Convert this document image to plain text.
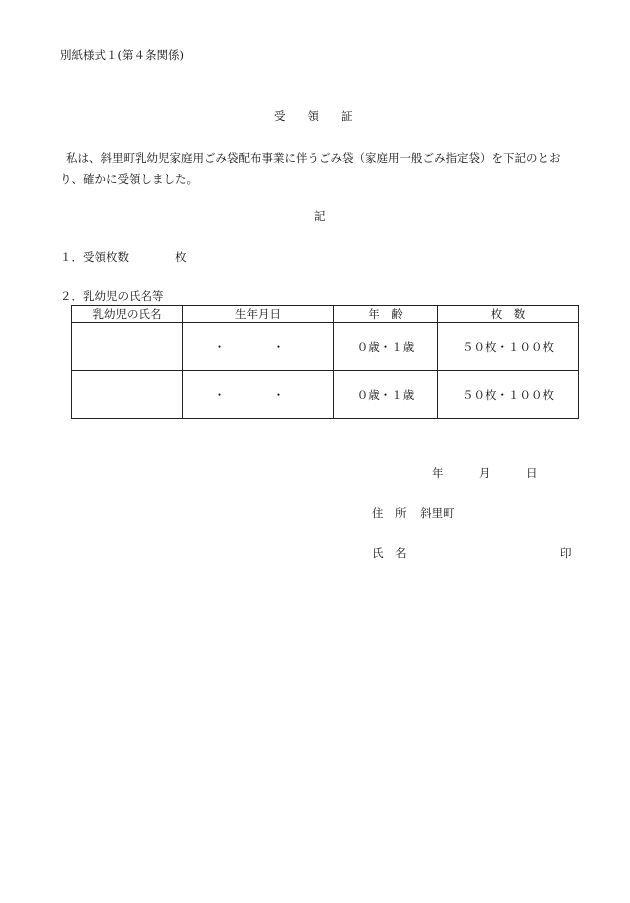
別紙様式１(第４条関係)
受領証
私は、斜里町乳幼児家庭用ごみ袋配布事業に伴うごみ袋（家庭用一般ごみ指定袋）を下記のとお
り、確かに受領しました。
記
１．受領枚数	枚
２．乳幼児の氏名等
乳幼児の氏名	生年月日	年　齢	枚　数
	・　・	０歳・１歳	５０枚・１００枚
	・　・	０歳・１歳	５０枚・１００枚
年	月	日
住　所 斜里町
氏　名	印
